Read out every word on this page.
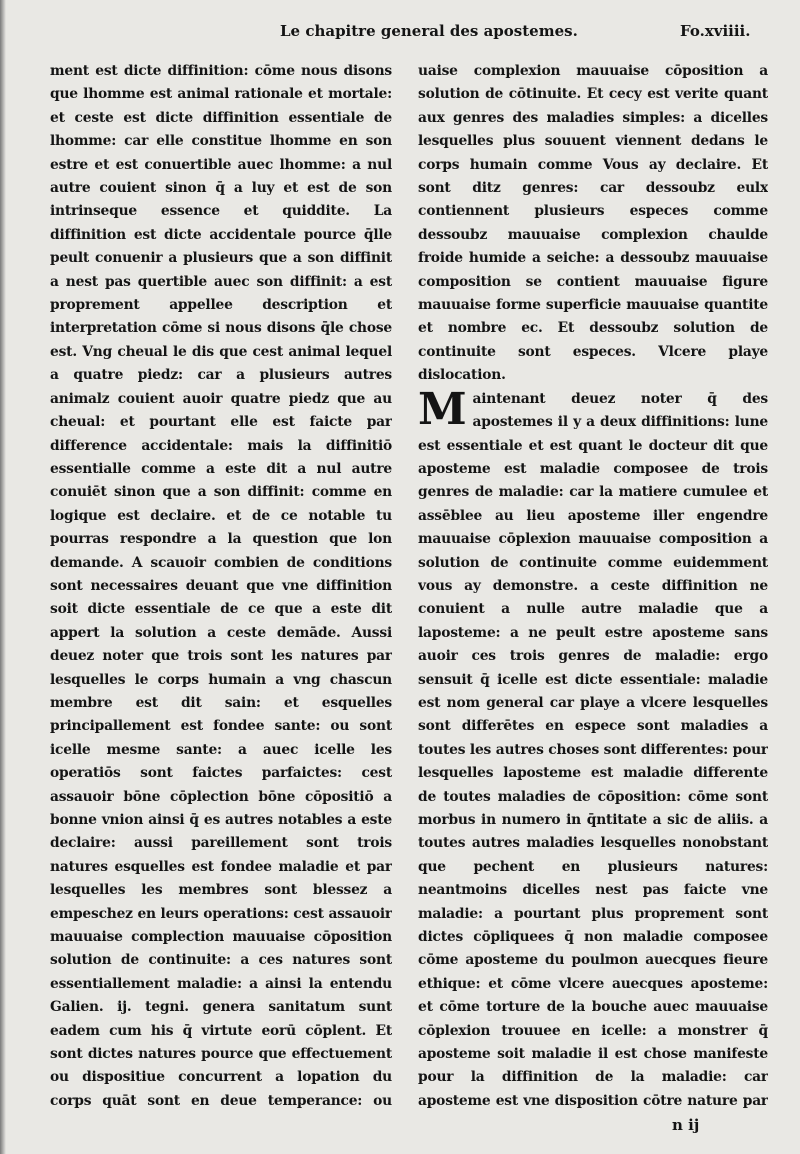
Le chapitre general des apostemes.	Fo.xviiii.

ment est dicte diffinition: cōme nous disons que lhomme est animal rationale et mortale: et ceste est dicte diffinition essentiale de lhomme: car elle constitue lhomme en son estre et est conuertible auec lhomme: a nul autre couient sinon q̄ a luy et est de son intrinseque essence et quiddite. La diffinition est dicte accidentale pource q̄lle peult conuenir a plusieurs que a son diffinit a nest pas quertible auec son diffinit: a est proprement appellee description et interpretation cōme si nous disons q̄le chose est. Vng cheual le dis que cest animal lequel a quatre piedz: car a plusieurs autres animalz couient auoir quatre piedz que au cheual: et pourtant elle est faicte par difference accidentale: mais la diffinitiō essentialle comme a este dit a nul autre conuiēt sinon que a son diffinit: comme en logique est declaire. et de ce notable tu pourras respondre a la question que lon demande. A scauoir combien de conditions sont necessaires deuant que vne diffinition soit dicte essentiale de ce que a este dit appert la solution a ceste demāde. Aussi deuez noter que trois sont les natures par lesquelles le corps humain a vng chascun membre est dit sain: et esquelles principallement est fondee sante: ou sont icelle mesme sante: a auec icelle les operatiōs sont faictes parfaictes: cest assauoir bōne cōplection bōne cōpositiō a bonne vnion ainsi q̄ es autres notables a este declaire: aussi pareillement sont trois natures esquelles est fondee maladie et par lesquelles les membres sont blessez a empeschez en leurs operations: cest assauoir mauuaise complection mauuaise cōposition solution de continuite: a ces natures sont essentiallement maladie: a ainsi la entendu Galien. ij. tegni. genera sanitatum sunt eadem cum his q̄ virtute eorū cōplent. Et sont dictes natures pource que effectuement ou dispositiue concurrent a lopation du corps quāt sont en deue temperance: ou

uaise complexion mauuaise cōposition a solution de cōtinuite. Et cecy est verite quant aux genres des maladies simples: a dicelles lesquelles plus souuent viennent dedans le corps humain comme Vous ay declaire. Et sont ditz genres: car dessoubz eulx contiennent plusieurs especes comme dessoubz mauuaise complexion chaulde froide humide a seiche: a dessoubz mauuaise composition se contient mauuaise figure mauuaise forme superficie mauuaise quantite et nombre ec. Et dessoubz solution de continuite sont especes. Vlcere playe dislocation.

Maintenant deuez noter q̄ des apostemes il y a deux diffinitions: lune est essentiale et est quant le docteur dit que aposteme est maladie composee de trois genres de maladie: car la matiere cumulee et assēblee au lieu aposteme iller engendre mauuaise cōplexion mauuaise composition a solution de continuite comme euidemment vous ay demonstre. a ceste diffinition ne conuient a nulle autre maladie que a laposteme: a ne peult estre aposteme sans auoir ces trois genres de maladie: ergo sensuit q̄ icelle est dicte essentiale: maladie est nom general car playe a vlcere lesquelles sont differētes en espece sont maladies a toutes les autres choses sont differentes: pour lesquelles laposteme est maladie differente de toutes maladies de cōposition: cōme sont morbus in numero in q̄ntitate a sic de aliis. a toutes autres maladies lesquelles nonobstant que pechent en plusieurs natures: neantmoins dicelles nest pas faicte vne maladie: a pourtant plus proprement sont dictes cōpliquees q̄ non maladie composee cōme aposteme du poulmon auecques fieure ethique: et cōme vlcere auecques aposteme: et cōme torture de la bouche auec mauuaise cōplexion trouuee en icelle: a monstrer q̄ aposteme soit maladie il est chose manifeste pour la diffinition de la maladie: car aposteme est vne disposition cōtre nature par

n ij
